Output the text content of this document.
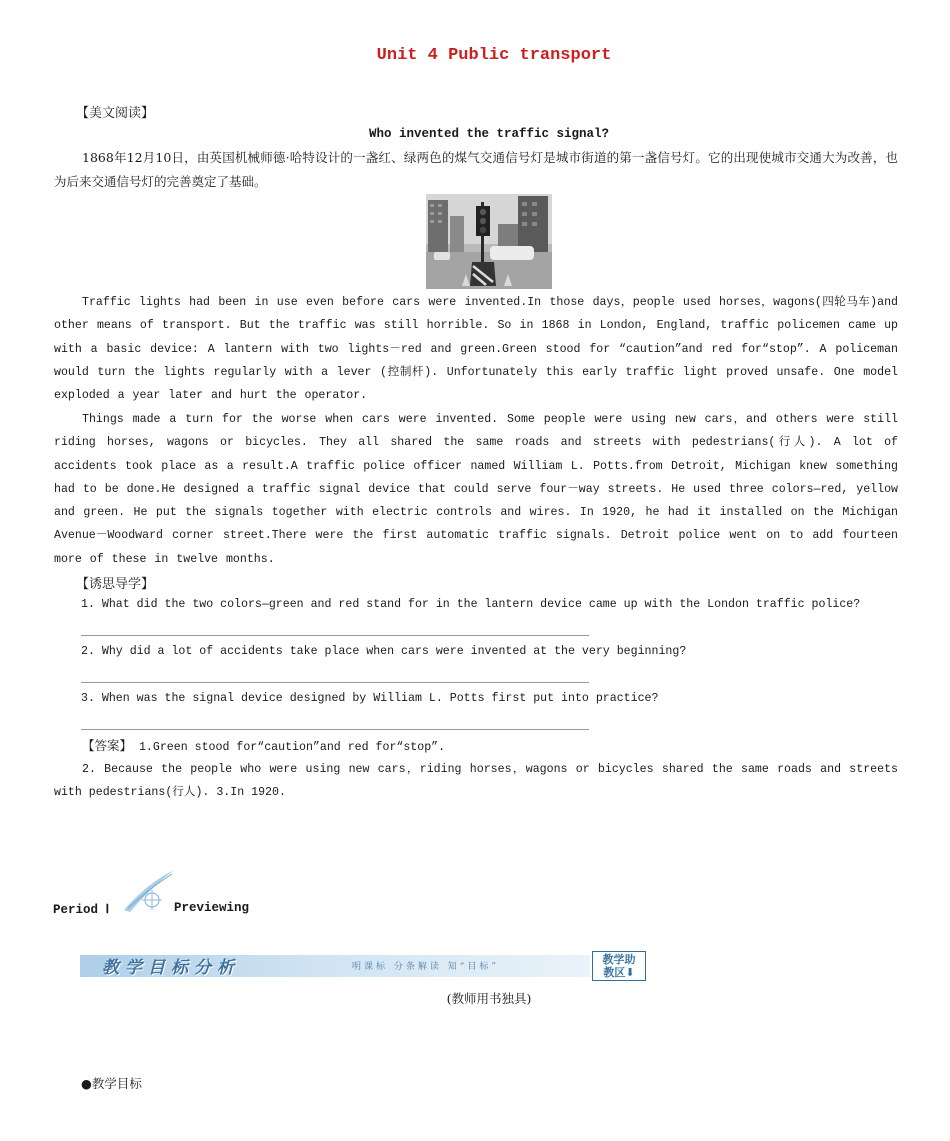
Unit 4 Public transport
【美文阅读】
Who invented the traffic signal?
1868年12月10日，由英国机械师德·哈特设计的一盏红、绿两色的煤气交通信号灯是城市街道的第一盏信号灯。它的出现使城市交通大为改善，也为后来交通信号灯的完善奠定了基础。
Traffic lights had been in use even before cars were invented.In those days，people used horses，wagons(四轮马车)and other means of transport. But the traffic was still horrible. So in 1868 in London, England, traffic policemen came up with a basic device: A lantern with two lights－red and green.Green stood for “caution”and red for“stop”. A policeman would turn the lights regularly with a lever (控制杆). Unfortunately this early traffic light proved unsafe. One model exploded a year later and hurt the operator.
Things made a turn for the worse when cars were invented. Some people were using new cars，and others were still riding horses, wagons or bicycles. They all shared the same roads and streets with pedestrians(行人). A lot of accidents took place as a result.A traffic police officer named William L. Potts.from Detroit, Michigan knew something had to be done.He designed a traffic signal device that could serve four－way streets. He used three colors—red, yellow and green. He put the signals together with electric controls and wires. In 1920, he had it installed on the Michigan Avenue－Woodward corner street.There were the first automatic traffic signals. Detroit police went on to add fourteen more of these in twelve months.
【诱思导学】
1. What did the two colors—green and red stand for in the lantern device came up with the London traffic police?
2. Why did a lot of accidents take place when cars were invented at the very beginning?
3. When was the signal device designed by William L. Potts first put into practice?
【答案】 1.Green stood for“caution”and red for“stop”.
2. Because the people who were using new cars，riding horses，wagons or bicycles shared the same roads and streets with pedestrians(行人). 3.In 1920.
Period Ⅰ	Previewing
教学目标分析	明课标 分条解读 知“目标”
教学助
教区⬇
(教师用书独具)
●教学目标
